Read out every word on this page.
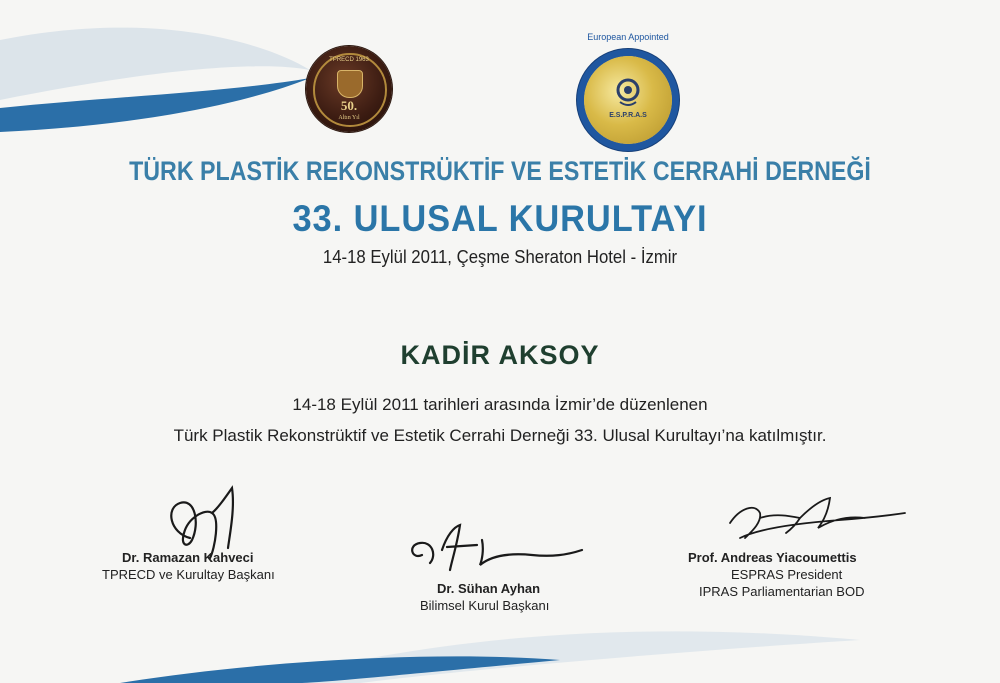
TPRECD 1963
50.
Altın Yıl
European Appointed
E.S.P.R.A.S
TÜRK PLASTİK REKONSTRÜKTİF VE ESTETİK CERRAHİ DERNEĞİ
33. ULUSAL KURULTAYI
14-18 Eylül 2011, Çeşme Sheraton Hotel - İzmir
KADİR AKSOY
14-18 Eylül 2011 tarihleri arasında İzmir’de düzenlenen
Türk Plastik Rekonstrüktif ve Estetik Cerrahi Derneği 33. Ulusal Kurultayı’na katılmıştır.
Dr. Ramazan Kahveci
TPRECD ve Kurultay Başkanı
Dr. Sühan Ayhan
Bilimsel Kurul Başkanı
Prof. Andreas Yiacoumettis
ESPRAS President
IPRAS Parliamentarian BOD
